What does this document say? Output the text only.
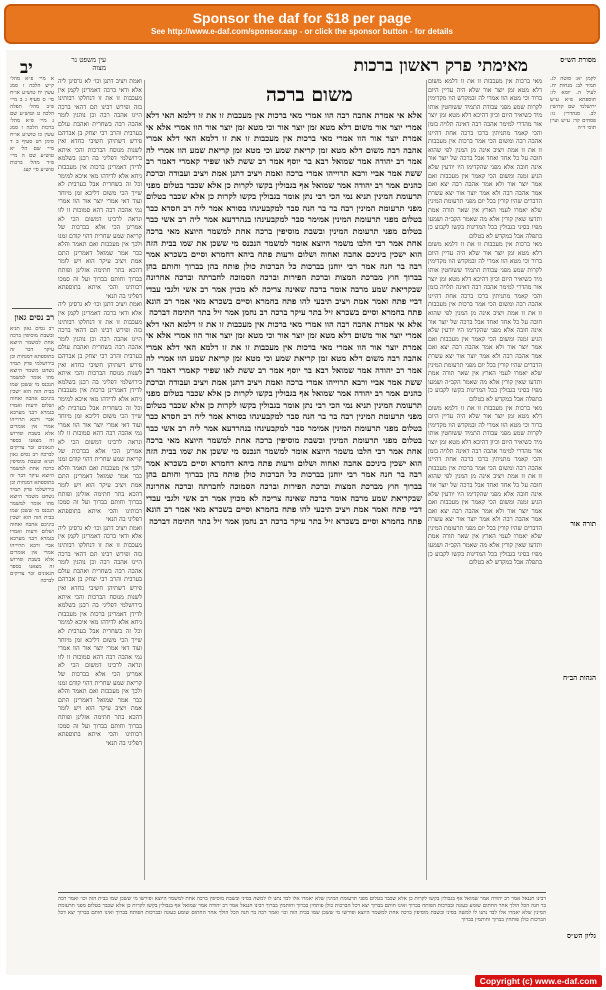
Sponsor the daf for $18 per page
See http://www.e-daf.com/sponsor.asp - or click the sponsor button - for details
יב	מאימתי פרק ראשון ברכות
עין משפט נר מצוה
מסורת הש״ס
לקמן יא: סוטה לג. תמיד לב: מנחות יח. לעיל ה. יומא לז: תוספתא פ״א ע״ש ירושלמי שם קדושין לב. סנהדרין נז: פסחים קד: ע״ש ועיין תוס׳ ד״ה
תורה אור
הגהות הב״ח
גליון הש״ס
מאי ברכות אין מעכבות זו את זו דלמא משום דלא מטא זמן יוצר אור שלא היה עדיין היום ברור וכי מטא הוו אמרי לה ובמקדש הוו מקדימין לקרות שמע מפני עבודת התמיד ששוחטין אותו מיד כשיאיר היום וכיון דהיכא דלא מטא זמן יוצר אור מהדרי למימר אהבה רבה דאינה תלויה בזמן והכי קאמר מתניתין ברכו ברכה אחת דהיינו אהבה רבה ומשום הכי אמר ברכות אין מעכבות זו את זו אמת ויציב אינה מן המנין לפי שהוא חובה על כל אחד ואחד אבל ברכה של יוצר אור אינה חובה אלא מפני שהקדימו היו יודעין שלא הגיע זמנה ומשום הכי קאמר אין מעכבות ואם אמר יוצר אור ולא אמר אהבה רבה יצא ואם אמר אהבה רבה ולא אמר יוצר אור יצא עשרת הדברים שהיו קורין בכל יום מפני תרעומת המינין שלא יאמרו לעמי הארץ אין שאר תורה אמת ותדעו שאין קורין אלא מה שאמר הקב״ה ושמעו מפיו בסיני בגבולין בכל המדינות בקשו לקבוע כן בתפלה אבל במקדש לא בטלום
מאי ברכות אין מעכבות זו את זו דלמא משום דלא מטא זמן יוצר אור שלא היה עדיין היום ברור וכי מטא הוו אמרי לה ובמקדש הוו מקדימין לקרות שמע מפני עבודת התמיד ששוחטין אותו מיד כשיאיר היום וכיון דהיכא דלא מטא זמן יוצר אור מהדרי למימר אהבה רבה דאינה תלויה בזמן והכי קאמר מתניתין ברכו ברכה אחת דהיינו אהבה רבה ומשום הכי אמר ברכות אין מעכבות זו את זו אמת ויציב אינה מן המנין לפי שהוא חובה על כל אחד ואחד אבל ברכה של יוצר אור אינה חובה אלא מפני שהקדימו היו יודעין שלא הגיע זמנה ומשום הכי קאמר אין מעכבות ואם אמר יוצר אור ולא אמר אהבה רבה יצא ואם אמר אהבה רבה ולא אמר יוצר אור יצא עשרת הדברים שהיו קורין בכל יום מפני תרעומת המינין שלא יאמרו לעמי הארץ אין שאר תורה אמת ותדעו שאין קורין אלא מה שאמר הקב״ה ושמעו מפיו בסיני בגבולין בכל המדינות בקשו לקבוע כן בתפלה אבל במקדש לא בטלום
מאי ברכות אין מעכבות זו את זו דלמא משום דלא מטא זמן יוצר אור שלא היה עדיין היום ברור וכי מטא הוו אמרי לה ובמקדש הוו מקדימין לקרות שמע מפני עבודת התמיד ששוחטין אותו מיד כשיאיר היום וכיון דהיכא דלא מטא זמן יוצר אור מהדרי למימר אהבה רבה דאינה תלויה בזמן והכי קאמר מתניתין ברכו ברכה אחת דהיינו אהבה רבה ומשום הכי אמר ברכות אין מעכבות זו את זו אמת ויציב אינה מן המנין לפי שהוא חובה על כל אחד ואחד אבל ברכה של יוצר אור אינה חובה אלא מפני שהקדימו היו יודעין שלא הגיע זמנה ומשום הכי קאמר אין מעכבות ואם אמר יוצר אור ולא אמר אהבה רבה יצא ואם אמר אהבה רבה ולא אמר יוצר אור יצא עשרת הדברים שהיו קורין בכל יום מפני תרעומת המינין שלא יאמרו לעמי הארץ אין שאר תורה אמת ותדעו שאין קורין אלא מה שאמר הקב״ה ושמעו מפיו בסיני בגבולין בכל המדינות בקשו לקבוע כן בתפלה אבל במקדש לא בטלום
משום ברכה
אלא אי אמרת אהבה רבה הוו אמרי מאי ברכות אין מעכבות זו את זו דלמא האי דלא אמרי יוצר אור משום דלא מטא זמן יוצר אור וכי מטא זמן יוצר אור הוו אמרי אלא אי אמרת יוצר אור הוו אמרי מאי ברכות אין מעכבות זו את זו דלמא האי דלא אמרי אהבה רבה משום דלא מטא זמן קריאת שמע וכי מטא זמן קריאת שמע הוו אמרי לה אמר רב יהודה אמר שמואל רבא בר יוסף אמר רב ששת לאו שפיר קאמרי דאמר רב ששת אמר אביי ורבא תרוייהו אמרי ברכה ואמת ויציב דתנן אמת ויציב ועבודה וברכת כהנים אמר רב יהודה אמר שמואל אף בגבולין בקשו לקרות כן אלא שכבר בטלום מפני תרעומת המינין תניא נמי הכי רבי נתן אומר בגבולין בקשו לקרות כן אלא שכבר בטלום מפני תרעומת המינין רבה בר בר חנה סבר למקבעינהו בסורא אמר ליה רב חסדא כבר בטלום מפני תרעומת המינין אמימר סבר למקבעינהו בנהרדעא אמר ליה רב אשי כבר בטלום מפני תרעומת המינין ובשבת מוסיפין ברכה אחת למשמר היוצא מאי ברכה אחת אמר רבי חלבו משמר היוצא אומר למשמר הנכנס מי ששכן את שמו בבית הזה הוא ישכין ביניכם אהבה ואחוה ושלום ורעות פתח ביהא דחמרא וסיים בשכרא אמר רבה בר חנה אמר רבי יוחנן בברכות כל הברכות כולן פותח בהן בברוך וחותם בהן בברוך חוץ מברכת המצות וברכת הפירות וברכה הסמוכה לחברתה וברכה אחרונה שבקריאת שמע מרבה אומר ברכה שאינה צריכה לא מכוין אמר רב אשי ולגבי עבדי דביי פתח ואמר אמת ויציב תיבעי להו פתח בחמרא וסיים בשכרא מאי אמר רב הונא פתח בחמרא וסיים בשכרא זיל בתר עיקר ברכה רב נחמן אמר זיל בתר חתימה דברכה
אלא אי אמרת אהבה רבה הוו אמרי מאי ברכות אין מעכבות זו את זו דלמא האי דלא אמרי יוצר אור משום דלא מטא זמן יוצר אור וכי מטא זמן יוצר אור הוו אמרי אלא אי אמרת יוצר אור הוו אמרי מאי ברכות אין מעכבות זו את זו דלמא האי דלא אמרי אהבה רבה משום דלא מטא זמן קריאת שמע וכי מטא זמן קריאת שמע הוו אמרי לה אמר רב יהודה אמר שמואל רבא בר יוסף אמר רב ששת לאו שפיר קאמרי דאמר רב ששת אמר אביי ורבא תרוייהו אמרי ברכה ואמת ויציב דתנן אמת ויציב ועבודה וברכת כהנים אמר רב יהודה אמר שמואל אף בגבולין בקשו לקרות כן אלא שכבר בטלום מפני תרעומת המינין תניא נמי הכי רבי נתן אומר בגבולין בקשו לקרות כן אלא שכבר בטלום מפני תרעומת המינין רבה בר בר חנה סבר למקבעינהו בסורא אמר ליה רב חסדא כבר בטלום מפני תרעומת המינין אמימר סבר למקבעינהו בנהרדעא אמר ליה רב אשי כבר בטלום מפני תרעומת המינין ובשבת מוסיפין ברכה אחת למשמר היוצא מאי ברכה אחת אמר רבי חלבו משמר היוצא אומר למשמר הנכנס מי ששכן את שמו בבית הזה הוא ישכין ביניכם אהבה ואחוה ושלום ורעות פתח ביהא דחמרא וסיים בשכרא אמר רבה בר חנה אמר רבי יוחנן בברכות כל הברכות כולן פותח בהן בברוך וחותם בהן בברוך חוץ מברכת המצות וברכת הפירות וברכה הסמוכה לחברתה וברכה אחרונה שבקריאת שמע מרבה אומר ברכה שאינה צריכה לא מכוין אמר רב אשי ולגבי עבדי דביי פתח ואמר אמת ויציב תיבעי להו פתח בחמרא וסיים בשכרא מאי אמר רב הונא פתח בחמרא וסיים בשכרא זיל בתר עיקר ברכה רב נחמן אמר זיל בתר חתימה דברכה
ואמת ויציב דתנן וכו׳ לא גרסינן ליה אלא ודאי ברכה דאמרינן לקמן אין מעכבות זו את זו דנחלקו רבותינו בזה ופירש רבינו תם דהאי ברכה היינו אהבה רבה וכן נוהגין לומר אהבה רבה בשחרית ואהבת עולם בערבית והרב רבי יצחק בן אברהם פירש דשתיהן חשיבי כחדא ואין לשנות מנוסח הברכות והכי איתא בירושלמי דפליגי בה רבנן בשלמא לדידן דאמרינן ברכות אין מעכבות ניחא אלא לדידהו מאי איכא למימר וכל זה בשחרית אבל בערבית לא שייך הכי משום דליכא זמן מיוחד ועוד דאי אמרי יוצר אור הוו אמרי נמי אהבה רבה דהא סמוכות זו לזו ונראה לרבינו דמשום הכי לא אמרינן הכי אלא בברכות של קריאת שמע שחרית דהוי קודם זמנו ולכך אין מעכבות ואם תאמר והלא כבר אמר שמואל דאמרינן התם אמת ויציב עיקר הוא ויש לומר דהכא בתר חתימה אזלינן ופותח בברוך וחותם בברוך ועל זה סמכו רבותינו והכי איתא בתוספתא דפליגי בה תנאי
ואמת ויציב דתנן וכו׳ לא גרסינן ליה אלא ודאי ברכה דאמרינן לקמן אין מעכבות זו את זו דנחלקו רבותינו בזה ופירש רבינו תם דהאי ברכה היינו אהבה רבה וכן נוהגין לומר אהבה רבה בשחרית ואהבת עולם בערבית והרב רבי יצחק בן אברהם פירש דשתיהן חשיבי כחדא ואין לשנות מנוסח הברכות והכי איתא בירושלמי דפליגי בה רבנן בשלמא לדידן דאמרינן ברכות אין מעכבות ניחא אלא לדידהו מאי איכא למימר וכל זה בשחרית אבל בערבית לא שייך הכי משום דליכא זמן מיוחד ועוד דאי אמרי יוצר אור הוו אמרי נמי אהבה רבה דהא סמוכות זו לזו ונראה לרבינו דמשום הכי לא אמרינן הכי אלא בברכות של קריאת שמע שחרית דהוי קודם זמנו ולכך אין מעכבות ואם תאמר והלא כבר אמר שמואל דאמרינן התם אמת ויציב עיקר הוא ויש לומר דהכא בתר חתימה אזלינן ופותח בברוך וחותם בברוך ועל זה סמכו רבותינו והכי איתא בתוספתא דפליגי בה תנאי
ואמת ויציב דתנן וכו׳ לא גרסינן ליה אלא ודאי ברכה דאמרינן לקמן אין מעכבות זו את זו דנחלקו רבותינו בזה ופירש רבינו תם דהאי ברכה היינו אהבה רבה וכן נוהגין לומר אהבה רבה בשחרית ואהבת עולם בערבית והרב רבי יצחק בן אברהם פירש דשתיהן חשיבי כחדא ואין לשנות מנוסח הברכות והכי איתא בירושלמי דפליגי בה רבנן בשלמא לדידן דאמרינן ברכות אין מעכבות ניחא אלא לדידהו מאי איכא למימר וכל זה בשחרית אבל בערבית לא שייך הכי משום דליכא זמן מיוחד ועוד דאי אמרי יוצר אור הוו אמרי נמי אהבה רבה דהא סמוכות זו לזו ונראה לרבינו דמשום הכי לא אמרינן הכי אלא בברכות של קריאת שמע שחרית דהוי קודם זמנו ולכך אין מעכבות ואם תאמר והלא כבר אמר שמואל דאמרינן התם אמת ויציב עיקר הוא ויש לומר דהכא בתר חתימה אזלינן ופותח בברוך וחותם בברוך ועל זה סמכו רבותינו והכי איתא בתוספתא דפליגי בה תנאי
א מיי׳ פ״א מהל׳ ק״ש הלכה ז סמג עשין יח טוש״ע או״ח סי׳ ס סעיף ג ב מיי׳ פ״ב מהל׳ תפלה הלכה ט וטוש״ע שם ג מיי׳ פ״א מהל׳ ברכות הלכה ו סמג עשין כז טוש״ע או״ח סימן רט סעיף ב ד מיי׳ שם הל׳ יא טוש״ע שם ה מיי׳ פ״ד מהל׳ ברכות טוש״ע סי׳ קעג
רב נסים גאון
רב נסים גאון תניא ובשבת מוסיפין ברכה אחת למשמר היוצא עיקר דבר זה בתוספתא דמנחות וכן בירושלמי פרק תמיד נשחט משמר היוצא מהו אומר למשמר הנכנס מי ששכן שמו בבית הזה הוא ישכין ביניכם אהבה ואחוה ושלום ורעות ואמרו בגמרא דבני מערבא אביי ורבא תרוייהו אמרי אין אומרים אלא בשבת ופירוש זה מצאנו בספר הגאונים זכר צדיקים לברכה רב נסים גאון תניא ובשבת מוסיפין ברכה אחת למשמר היוצא עיקר דבר זה בתוספתא דמנחות וכן בירושלמי פרק תמיד נשחט משמר היוצא מהו אומר למשמר הנכנס מי ששכן שמו בבית הזה הוא ישכין ביניכם אהבה ואחוה ושלום ורעות ואמרו בגמרא דבני מערבא אביי ורבא תרוייהו אמרי אין אומרים אלא בשבת ופירוש זה מצאנו בספר הגאונים זכר צדיקים לברכה
רבינו חננאל אמר רב יהודה אמר שמואל אף בגבולין בקשו לקרות כן אלא שכבר בטלום מפני תרעומת המינין שלא יאמרו אלו לבד נתנו לו למשה בסיני ובשבת מוסיפין ברכה אחת למשמר היוצא ופירשו מי ששכן שמו בבית הזה וכו׳ ואמר רבה בר חנה הכל הולך אחר החתום שומע כעונה ובברכות הפותח בברוך ואינו חותם בברוך יצא דכל הברכות כולן פותחין בברוך וחותמין בברוך רבינו חננאל אמר רב יהודה אמר שמואל אף בגבולין בקשו לקרות כן אלא שכבר בטלום מפני תרעומת המינין שלא יאמרו אלו לבד נתנו לו למשה בסיני ובשבת מוסיפין ברכה אחת למשמר היוצא ופירשו מי ששכן שמו בבית הזה וכו׳ ואמר רבה בר חנה הכל הולך אחר החתום שומע כעונה ובברכות הפותח בברוך ואינו חותם בברוך יצא דכל הברכות כולן פותחין בברוך וחותמין בברוך
Copyright (c) www.e-daf.com
